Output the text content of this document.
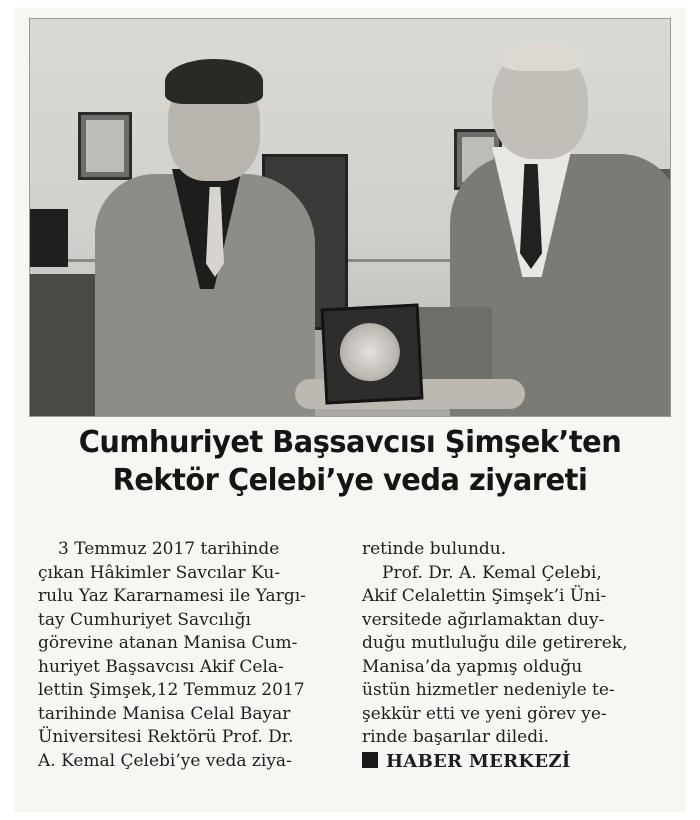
Cumhuriyet Başsavcısı Şimşek’ten
Rektör Çelebi’ye veda ziyareti
3 Temmuz 2017 tarihinde
çıkan Hâkimler Savcılar Ku-
rulu Yaz Kararnamesi ile Yargı-
tay Cumhuriyet Savcılığı
görevine atanan Manisa Cum-
huriyet Başsavcısı Akif Cela-
lettin Şimşek,12 Temmuz 2017
tarihinde Manisa Celal Bayar
Üniversitesi Rektörü Prof. Dr.
A. Kemal Çelebi’ye veda ziya-
retinde bulundu.
Prof. Dr. A. Kemal Çelebi,
Akif Celalettin Şimşek’i Üni-
versitede ağırlamaktan duy-
duğu mutluluğu dile getirerek,
Manisa’da yapmış olduğu
üstün hizmetler nedeniyle te-
şekkür etti ve yeni görev ye-
rinde başarılar diledi.
HABER MERKEZİ
